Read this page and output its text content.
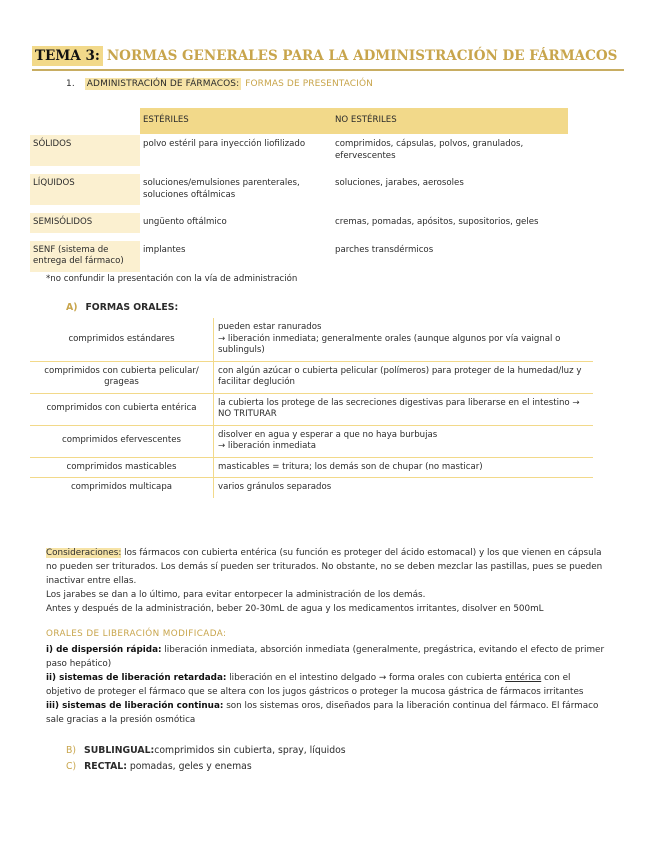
TEMA 3: NORMAS GENERALES PARA LA ADMINISTRACIÓN DE FÁRMACOS
1. ADMINISTRACIÓN DE FÁRMACOS: FORMAS DE PRESENTACIÓN
	ESTÉRILES	NO ESTÉRILES
SÓLIDOS	polvo estéril para inyección liofilizado	comprimidos, cápsulas, polvos, granulados, efervescentes
LÍQUIDOS	soluciones/emulsiones parenterales, soluciones oftálmicas	soluciones, jarabes, aerosoles
SEMISÓLIDOS	ungüento oftálmico	cremas, pomadas, apósitos, supositorios, geles
SENF (sistema de entrega del fármaco)	implantes	parches transdérmicos
*no confundir la presentación con la vía de administración
A) FORMAS ORALES:
comprimidos estándares	pueden estar ranurados
→ liberación inmediata; generalmente orales (aunque algunos por vía vaignal o sublinguls)
comprimidos con cubierta pelicular/ grageas	con algún azúcar o cubierta pelicular (polímeros) para proteger de la humedad/luz y facilitar deglución
comprimidos con cubierta entérica	la cubierta los protege de las secreciones digestivas para liberarse en el intestino → NO TRITURAR
comprimidos efervescentes	disolver en agua y esperar a que no haya burbujas
→ liberación inmediata
comprimidos masticables	masticables = tritura; los demás son de chupar (no masticar)
comprimidos multicapa	varios gránulos separados
Consideraciones: los fármacos con cubierta entérica (su función es proteger del ácido estomacal) y los que vienen en cápsula no pueden ser triturados. Los demás sí pueden ser triturados. No obstante, no se deben mezclar las pastillas, pues se pueden inactivar entre ellas.
Los jarabes se dan a lo último, para evitar entorpecer la administración de los demás.
Antes y después de la administración, beber 20-30mL de agua y los medicamentos irritantes, disolver en 500mL
ORALES DE LIBERACIÓN MODIFICADA:
i) de dispersión rápida: liberación inmediata, absorción inmediata (generalmente, pregástrica, evitando el efecto de primer paso hepático)
ii) sistemas de liberación retardada: liberación en el intestino delgado → forma orales con cubierta entérica con el objetivo de proteger el fármaco que se altera con los jugos gástricos o proteger la mucosa gástrica de fármacos irritantes
iii) sistemas de liberación continua: son los sistemas oros, diseñados para la liberación continua del fármaco. El fármaco sale gracias a la presión osmótica
B) SUBLINGUAL:comprimidos sin cubierta, spray, líquidos
C) RECTAL: pomadas, geles y enemas
